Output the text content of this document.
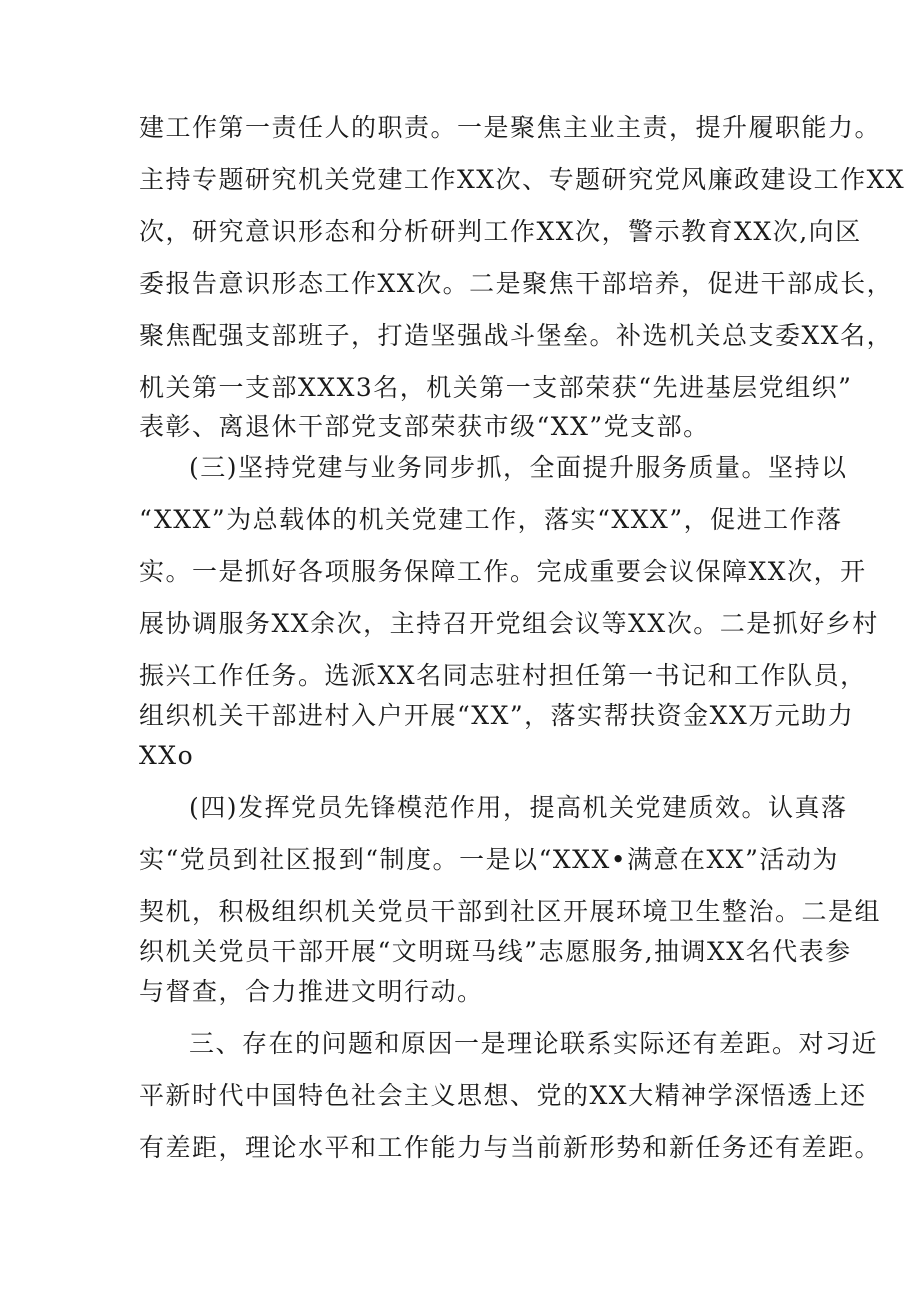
建工作第一责任人的职责。一是聚焦主业主责，提升履职能力。
主持专题研究机关党建工作XX次、专题研究党风廉政建设工作XX
次，研究意识形态和分析研判工作XX次，警示教育XX次,向区
委报告意识形态工作XX次。二是聚焦干部培养，促进干部成长，
聚焦配强支部班子，打造坚强战斗堡垒。补选机关总支委XX名，
机关第一支部XXX3名，机关第一支部荣获“先进基层党组织”
表彰、离退休干部党支部荣获市级“XX”党支部。
(三)坚持党建与业务同步抓，全面提升服务质量。坚持以
“XXX”为总载体的机关党建工作，落实“XXX”，促进工作落
实。一是抓好各项服务保障工作。完成重要会议保障XX次，开
展协调服务XX余次，主持召开党组会议等XX次。二是抓好乡村
振兴工作任务。选派XX名同志驻村担任第一书记和工作队员，
组织机关干部进村入户开展“XX”，落实帮扶资金XX万元助力
XXo
(四)发挥党员先锋模范作用，提高机关党建质效。认真落
实“党员到社区报到“制度。一是以“XXX•满意在XX”活动为
契机，积极组织机关党员干部到社区开展环境卫生整治。二是组
织机关党员干部开展“文明斑马线”志愿服务,抽调XX名代表参
与督查，合力推进文明行动。
三、存在的问题和原因一是理论联系实际还有差距。对习近
平新时代中国特色社会主义思想、党的XX大精神学深悟透上还
有差距，理论水平和工作能力与当前新形势和新任务还有差距。
